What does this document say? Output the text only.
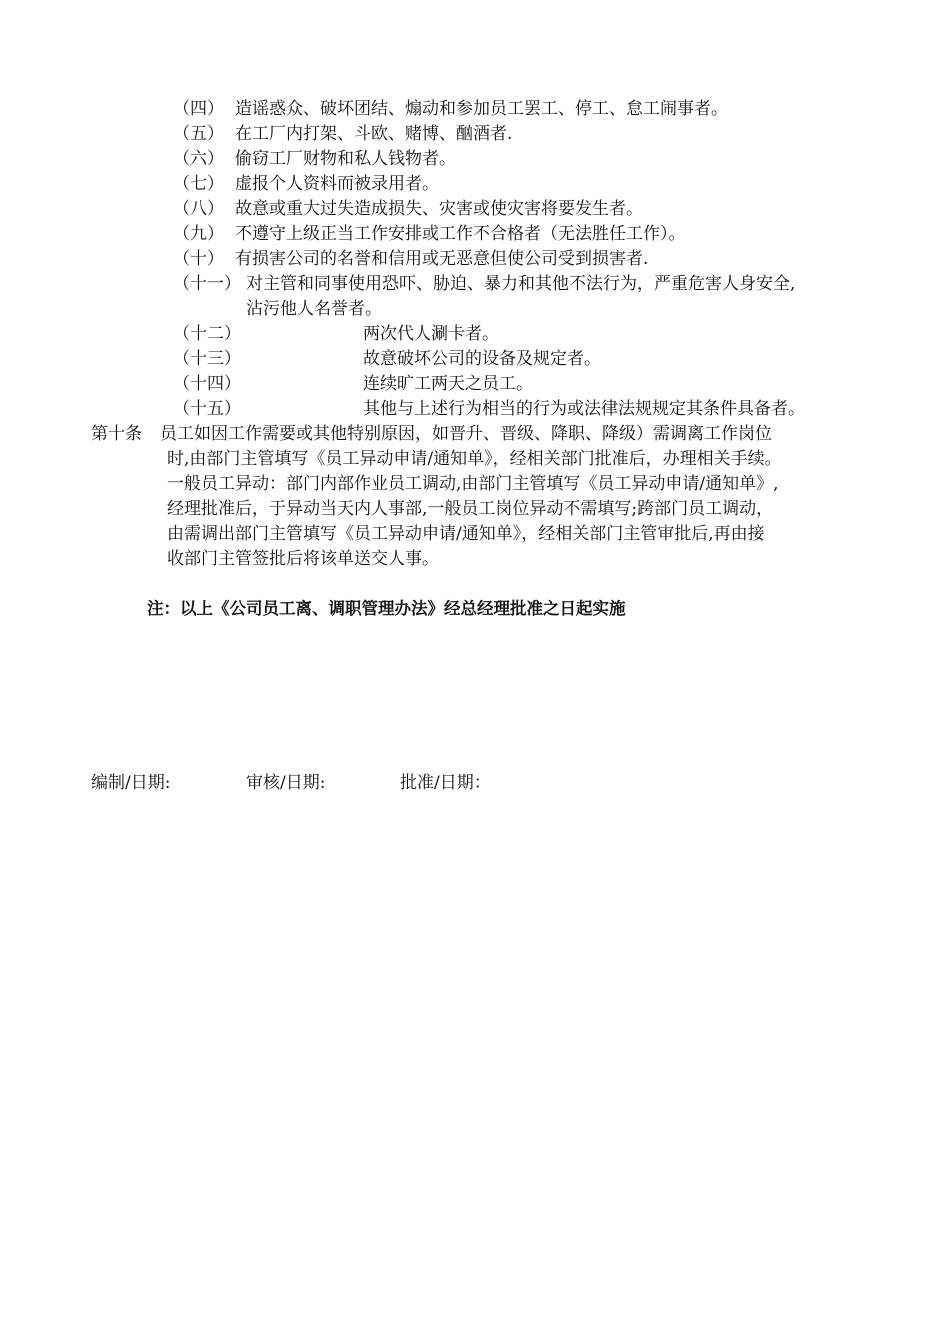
（四） 造谣惑众、破坏团结、煽动和参加员工罢工、停工、怠工闹事者。
（五） 在工厂内打架、斗欧、赌博、酗酒者.
（六） 偷窃工厂财物和私人钱物者。
（七） 虚报个人资料而被录用者。
（八） 故意或重大过失造成损失、灾害或使灾害将要发生者。
（九） 不遵守上级正当工作安排或工作不合格者（无法胜任工作）。
（十） 有损害公司的名誉和信用或无恶意但使公司受到损害者.
（十一） 对主管和同事使用恐吓、胁迫、暴力和其他不法行为，严重危害人身安全,
沾污他人名誉者。
（十二）	两次代人涮卡者。
（十三）	故意破坏公司的设备及规定者。
（十四）	连续旷工两天之员工。
（十五）	其他与上述行为相当的行为或法律法规规定其条件具备者。
第十条 员工如因工作需要或其他特别原因，如晋升、晋级、降职、降级）需调离工作岗位
时,由部门主管填写《员工异动申请/通知单》，经相关部门批准后，办理相关手续。
一般员工异动：部门内部作业员工调动,由部门主管填写《员工异动申请/通知单》,
经理批准后，于异动当天内人事部,一般员工岗位异动不需填写;跨部门员工调动，
由需调出部门主管填写《员工异动申请/通知单》，经相关部门主管审批后,再由接
收部门主管签批后将该单送交人事。
注：以上《公司员工离、调职管理办法》经总经理批准之日起实施
编制/日期:	审核/日期:	批准/日期：
